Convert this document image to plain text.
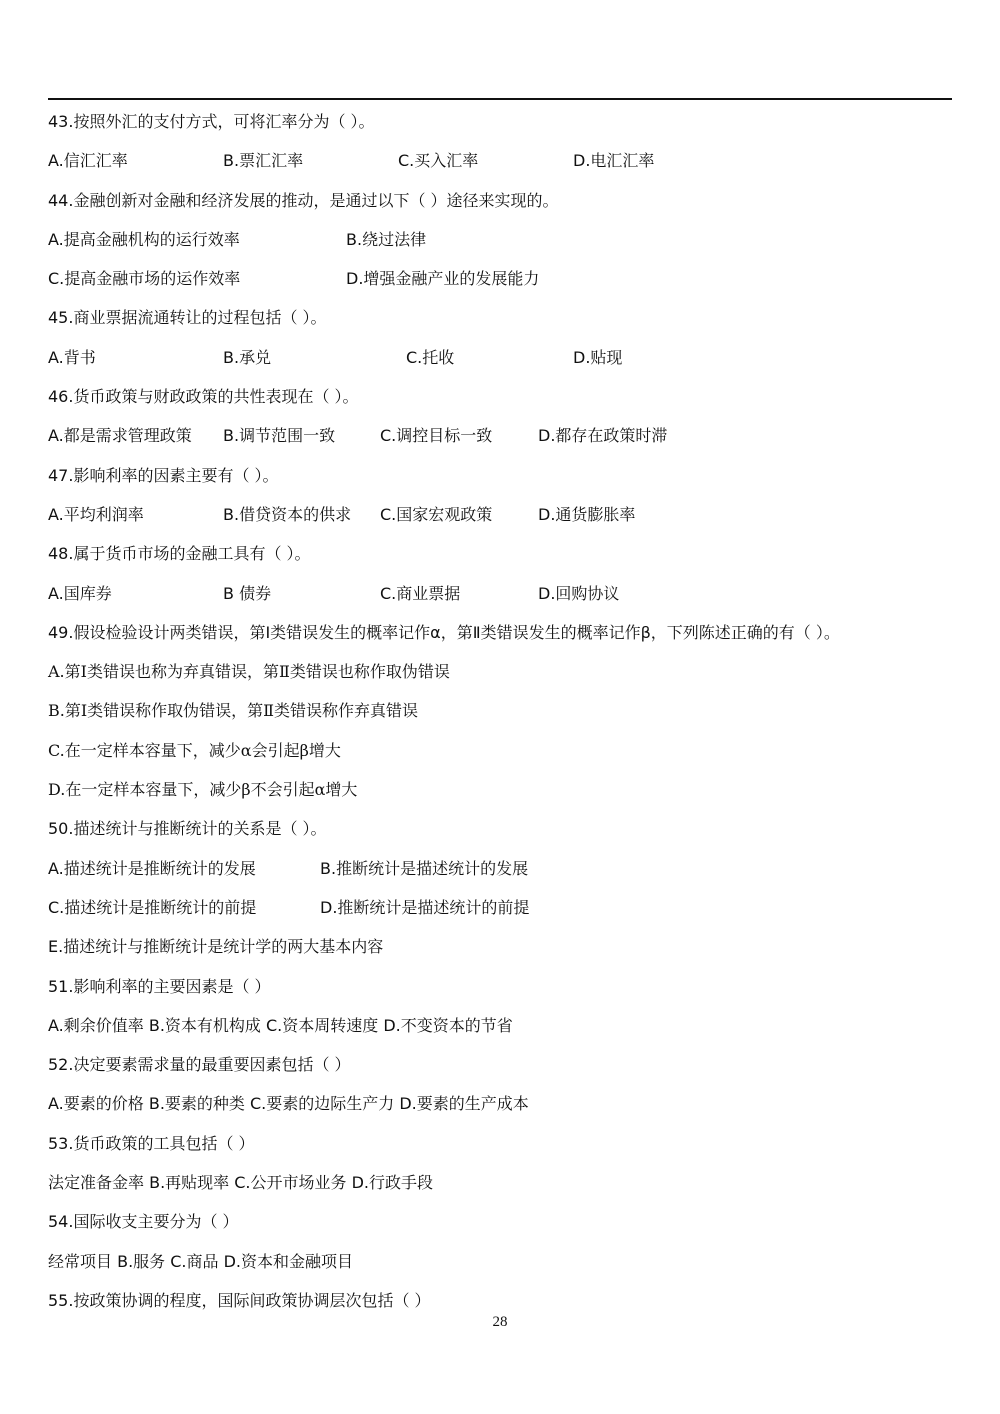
43.按照外汇的支付方式，可将汇率分为（ ）。
A.信汇汇率	B.票汇汇率	C.买入汇率	D.电汇汇率
44.金融创新对金融和经济发展的推动，是通过以下（ ）途径来实现的。
A.提高金融机构的运行效率	B.绕过法律
C.提高金融市场的运作效率	D.增强金融产业的发展能力
45.商业票据流通转让的过程包括（ ）。
A.背书	B.承兑	C.托收	D.贴现
46.货币政策与财政政策的共性表现在（ ）。
A.都是需求管理政策 B.调节范围一致	C.调控目标一致	D.都存在政策时滞
47.影响利率的因素主要有（ ）。
A.平均利润率	B.借贷资本的供求 C.国家宏观政策	D.通货膨胀率
48.属于货币市场的金融工具有（ ）。
A.国库券	B 债券	C.商业票据	D.回购协议
49.假设检验设计两类错误，第Ⅰ类错误发生的概率记作α，第Ⅱ类错误发生的概率记作β，下列陈述正确的有（ ）。
A.第Ⅰ类错误也称为弃真错误，第Ⅱ类错误也称作取伪错误
B.第Ⅰ类错误称作取伪错误，第Ⅱ类错误称作弃真错误
C.在一定样本容量下，减少α会引起β增大
D.在一定样本容量下，减少β不会引起α增大
50.描述统计与推断统计的关系是（ ）。
A.描述统计是推断统计的发展	B.推断统计是描述统计的发展
C.描述统计是推断统计的前提	D.推断统计是描述统计的前提
E.描述统计与推断统计是统计学的两大基本内容
51.影响利率的主要因素是（ ）
A.剩余价值率 B.资本有机构成 C.资本周转速度 D.不变资本的节省
52.决定要素需求量的最重要因素包括（ ）
A.要素的价格 B.要素的种类 C.要素的边际生产力 D.要素的生产成本
53.货币政策的工具包括（ ）
法定准备金率 B.再贴现率 C.公开市场业务 D.行政手段
54.国际收支主要分为（ ）
经常项目 B.服务 C.商品 D.资本和金融项目
55.按政策协调的程度，国际间政策协调层次包括（ ）
28
